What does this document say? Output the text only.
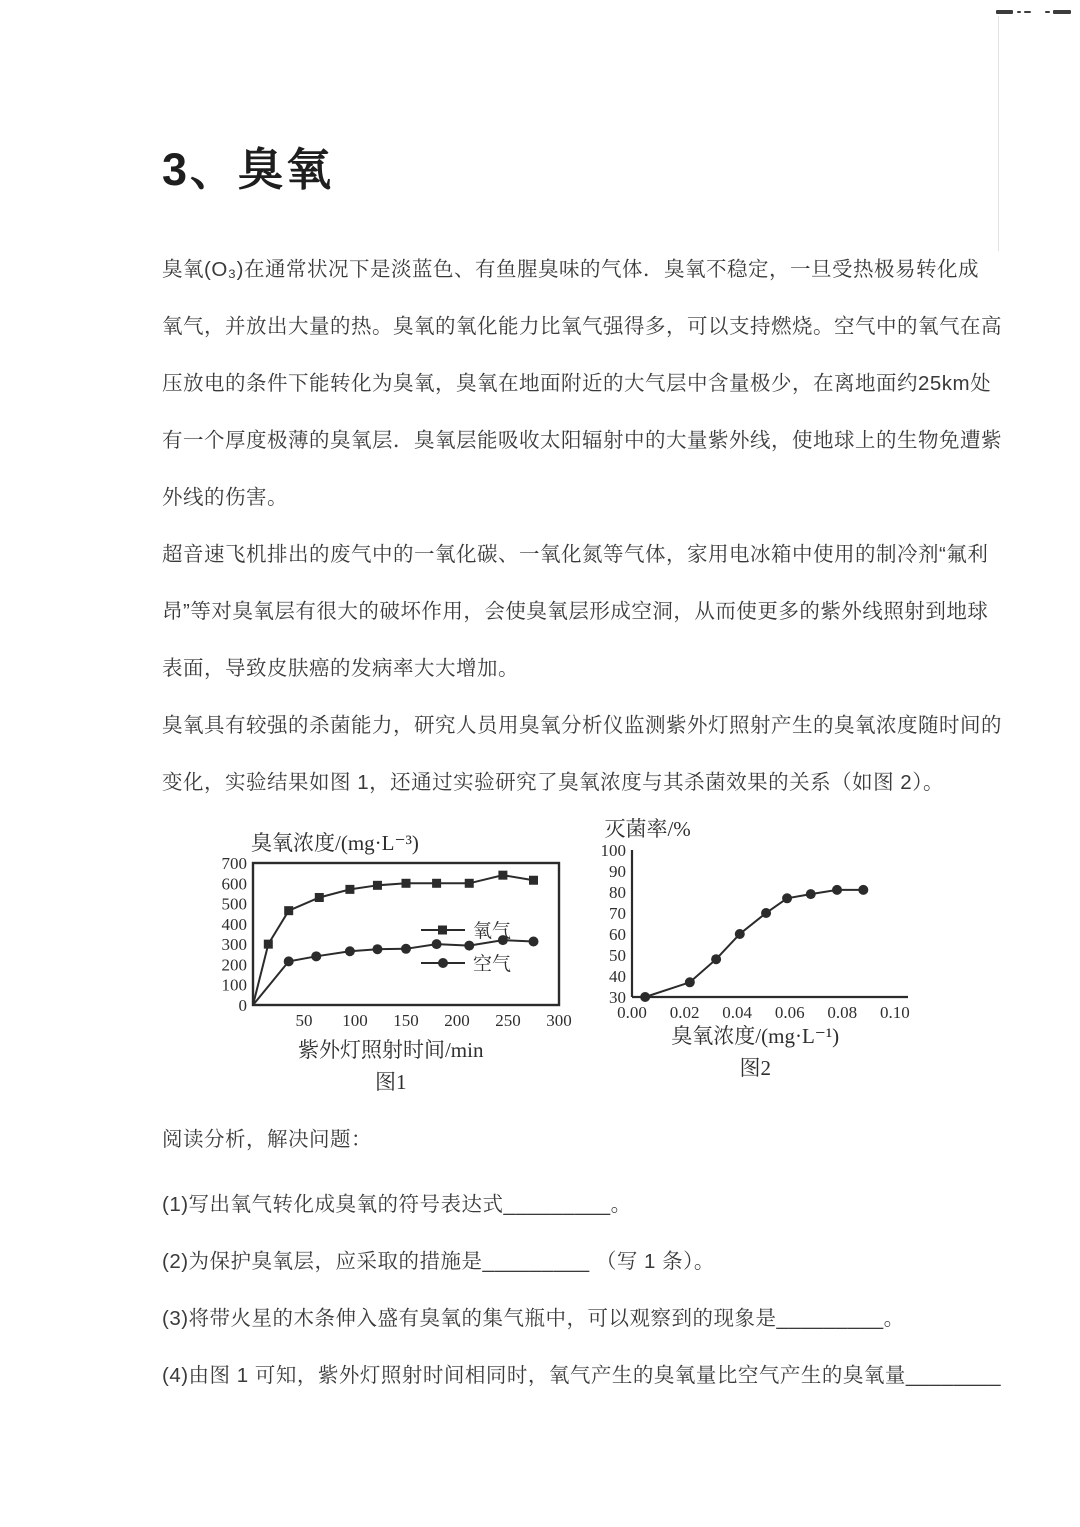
3、臭氧
臭氧(O₃)在通常状况下是淡蓝色、有鱼腥臭味的气体．臭氧不稳定，一旦受热极易转化成
氧气，并放出大量的热。臭氧的氧化能力比氧气强得多，可以支持燃烧。空气中的氧气在高
压放电的条件下能转化为臭氧，臭氧在地面附近的大气层中含量极少，在离地面约25km处
有一个厚度极薄的臭氧层．臭氧层能吸收太阳辐射中的大量紫外线，使地球上的生物免遭紫
外线的伤害。
超音速飞机排出的废气中的一氧化碳、一氧化氮等气体，家用电冰箱中使用的制冷剂“氟利
昂”等对臭氧层有很大的破坏作用，会使臭氧层形成空洞，从而使更多的紫外线照射到地球
表面，导致皮肤癌的发病率大大增加。
臭氧具有较强的杀菌能力，研究人员用臭氧分析仪监测紫外灯照射产生的臭氧浓度随时间的
变化，实验结果如图 1，还通过实验研究了臭氧浓度与其杀菌效果的关系（如图 2）。
臭氧浓度/(mg·L⁻³)
0
100
200
300
400
500
600
700
50 100 150 200 250 300
氧气
空气
紫外灯照射时间/min
图1
灭菌率/%
30
40
50
60
70
80
90
100
0.00 0.02 0.04 0.06 0.08 0.10
臭氧浓度/(mg·L⁻¹)
图2
阅读分析，解决问题：
(1)写出氧气转化成臭氧的符号表达式_________。
(2)为保护臭氧层，应采取的措施是_________ （写 1 条）。
(3)将带火星的木条伸入盛有臭氧的集气瓶中，可以观察到的现象是_________。
(4)由图 1 可知，紫外灯照射时间相同时，氧气产生的臭氧量比空气产生的臭氧量________
